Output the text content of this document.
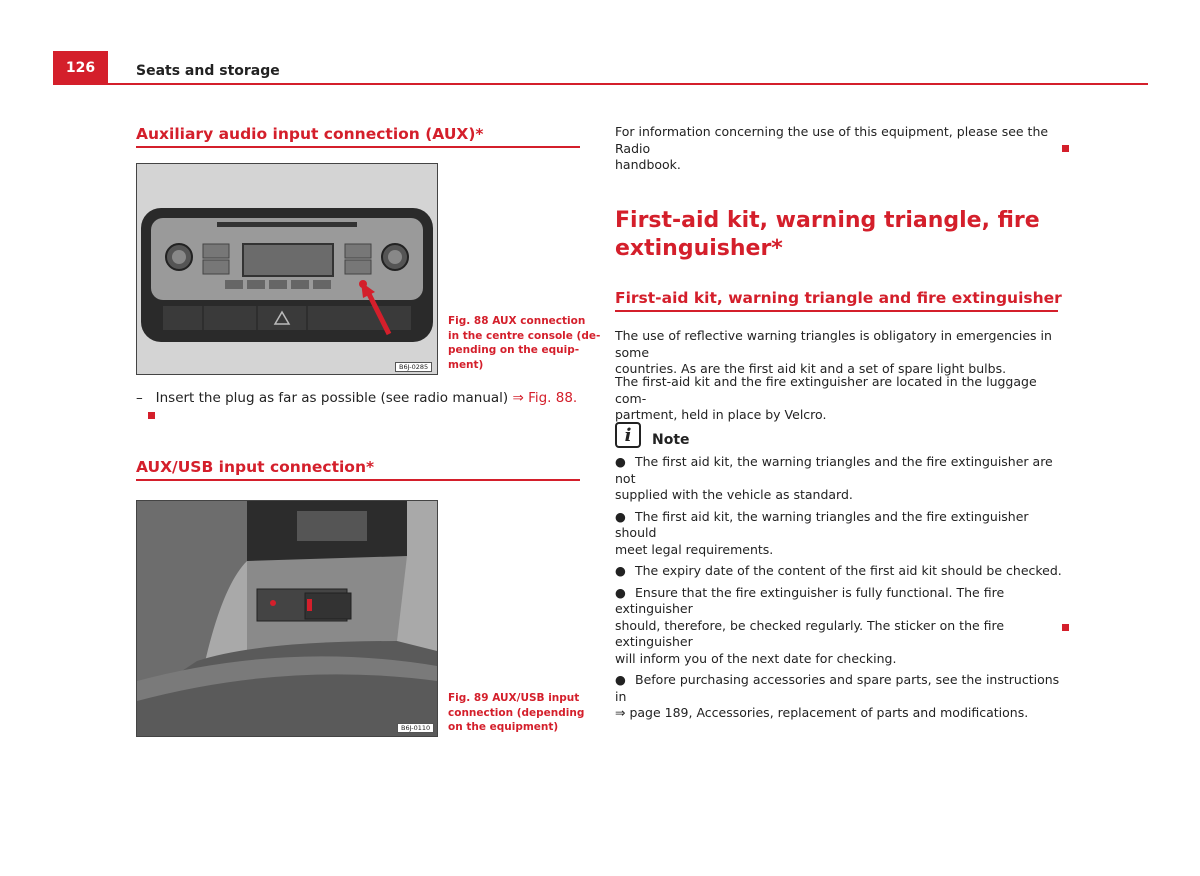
126	Seats and storage
Auxiliary audio input connection (AUX)*
B6J-0285
Fig. 88 AUX connection
in the centre console (de-
pending on the equip-
ment)
– Insert the plug as far as possible (see radio manual) ⇒ Fig. 88.
AUX/USB input connection*
B6J-0110
Fig. 89 AUX/USB input
connection (depending
on the equipment)
For information concerning the use of this equipment, please see the Radio
handbook.
First-aid kit, warning triangle, fire
extinguisher*
First-aid kit, warning triangle and fire extinguisher
The use of reflective warning triangles is obligatory in emergencies in some
countries. As are the first aid kit and a set of spare light bulbs.
The first-aid kit and the fire extinguisher are located in the luggage com-
partment, held in place by Velcro.
i	Note
● The first aid kit, the warning triangles and the fire extinguisher are not
supplied with the vehicle as standard.
● The first aid kit, the warning triangles and the fire extinguisher should
meet legal requirements.
● The expiry date of the content of the first aid kit should be checked.
● Ensure that the fire extinguisher is fully functional. The fire extinguisher
should, therefore, be checked regularly. The sticker on the fire extinguisher
will inform you of the next date for checking.
● Before purchasing accessories and spare parts, see the instructions in
⇒ page 189, Accessories, replacement of parts and modifications.
